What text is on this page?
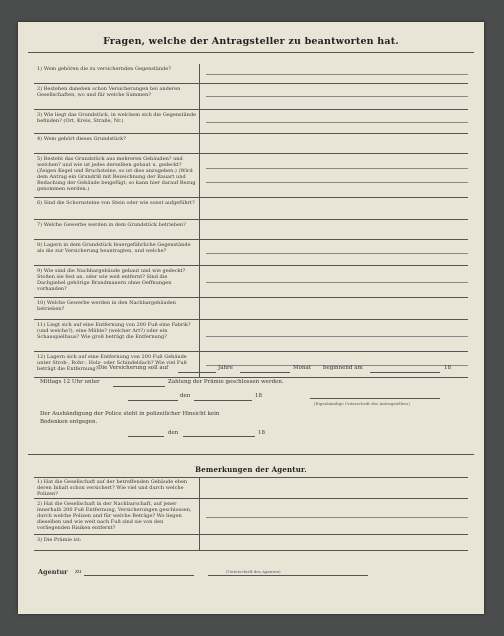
Fragen, welche der Antragsteller zu beantworten hat.
1) Wem gehören die zu versichernden Gegenstände?
2) Bestehen daneben schon Versicherungen bei anderen Gesellschaften, wo und für welche Summen?
3) Wie liegt das Grundstück, in welchem sich die Gegenstände befinden? (Ort, Kreis, Straße, Nr.)
4) Wem gehört dieses Grundstück?
5) Besteht das Grundstück aus mehreren Gebäuden? und welchen? und wie ist jedes derselben gebaut u. gedeckt? (Zeigen Kegel und Bruchsteine, so ist dies anzugeben.) (Wird dem Antrag ein Grundriß mit Bezeichnung der Bauart und Bedachung der Gebäude beigefügt, so kann hier darauf Bezug genommen werden.)
6) Sind die Schornsteine von Stein oder wie sonst aufgeführt?
7) Welche Gewerbe werden in dem Grundstück betrieben?
8) Lagern in dem Grundstück feuergefährliche Gegenstände als die zur Versicherung beantragten, und welche?
9) Wie sind die Nachbargebäude gebaut und wie gedeckt? Stoßen sie fest an, oder wie weit entfernt? Sind die Dachgiebel gehörige Brandmauern ohne Oeffnungen vorhanden?
10) Welche Gewerbe werden in den Nachbargebäuden betrieben?
11) Liegt sich auf eine Entfernung von 200 Fuß eine Fabrik? (und welche?), eine Mühle? (welcher Art?) oder ein Schauspielhaus? Wie groß beträgt die Entfernung?
12) Lagern sich auf eine Entfernung von 200 Fuß Gebäude unter Stroh-, Rohr-, Holz- oder Schindeldach? Wie viel Fuß beträgt die Entfernung? Die Versicherung soll auf	Jahre	Monat beginnend am	18
Mittags 12 Uhr unter	Zahlung der Prämie geschlossen werden.
den	18
(Eigenhändige Unterschrift des Antragstellers)
Der Aushändigung der Police steht in polizeilicher Hinsicht kein Bedenken entgegen.
den	18
Bemerkungen der Agentur.
1) Hat die Gesellschaft auf der betreffenden Gebäude eben deren Inhalt schon versichert? Wie viel und durch welche Polizen?
2) Hat die Gesellschaft in der Nachbarschaft, auf jener innerhalb 200 Fuß Entfernung, Versicherungen geschlossen, durch welche Polizen und für welche Beträge? Wo liegen dieselben und wie weit nach Fuß sind sie von den vorliegenden Risiken entfernt?
3) Die Prämie ist:
Agentur zu	(Unterschrift des Agenten)
